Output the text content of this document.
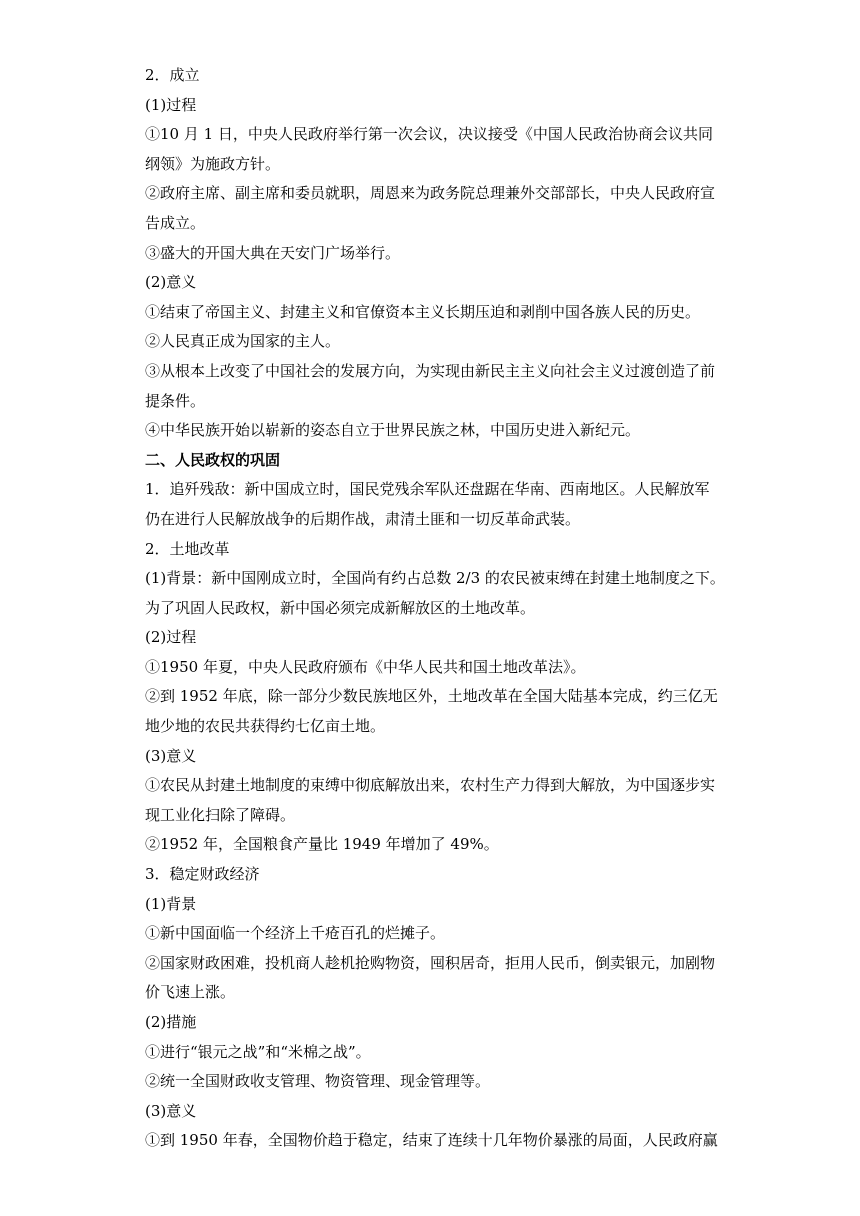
2．成立
(1)过程
①10 月 1 日，中央人民政府举行第一次会议，决议接受《中国人民政治协商会议共同
纲领》为施政方针。
②政府主席、副主席和委员就职，周恩来为政务院总理兼外交部部长，中央人民政府宣
告成立。
③盛大的开国大典在天安门广场举行。
(2)意义
①结束了帝国主义、封建主义和官僚资本主义长期压迫和剥削中国各族人民的历史。
②人民真正成为国家的主人。
③从根本上改变了中国社会的发展方向，为实现由新民主主义向社会主义过渡创造了前
提条件。
④中华民族开始以崭新的姿态自立于世界民族之林，中国历史进入新纪元。
二、人民政权的巩固
1．追歼残敌：新中国成立时，国民党残余军队还盘踞在华南、西南地区。人民解放军
仍在进行人民解放战争的后期作战，肃清土匪和一切反革命武装。
2．土地改革
(1)背景：新中国刚成立时，全国尚有约占总数 2/3 的农民被束缚在封建土地制度之下。
为了巩固人民政权，新中国必须完成新解放区的土地改革。
(2)过程
①1950 年夏，中央人民政府颁布《中华人民共和国土地改革法》。
②到 1952 年底，除一部分少数民族地区外，土地改革在全国大陆基本完成，约三亿无
地少地的农民共获得约七亿亩土地。
(3)意义
①农民从封建土地制度的束缚中彻底解放出来，农村生产力得到大解放，为中国逐步实
现工业化扫除了障碍。
②1952 年，全国粮食产量比 1949 年增加了 49%。
3．稳定财政经济
(1)背景
①新中国面临一个经济上千疮百孔的烂摊子。
②国家财政困难，投机商人趁机抢购物资，囤积居奇，拒用人民币，倒卖银元，加剧物
价飞速上涨。
(2)措施
①进行“银元之战”和“米棉之战”。
②统一全国财政收支管理、物资管理、现金管理等。
(3)意义
①到 1950 年春，全国物价趋于稳定，结束了连续十几年物价暴涨的局面，人民政府赢
